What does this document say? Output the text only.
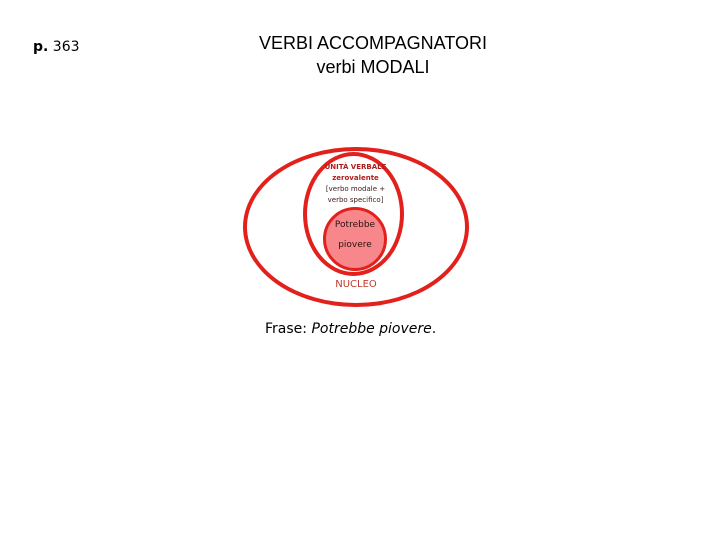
p. 363	VERBI ACCOMPAGNATORI
verbi MODALI
UNITÀ VERBALE
zerovalente
[verbo modale +
verbo specifico]
Potrebbe
piovere
NUCLEO
Frase: Potrebbe piovere.
